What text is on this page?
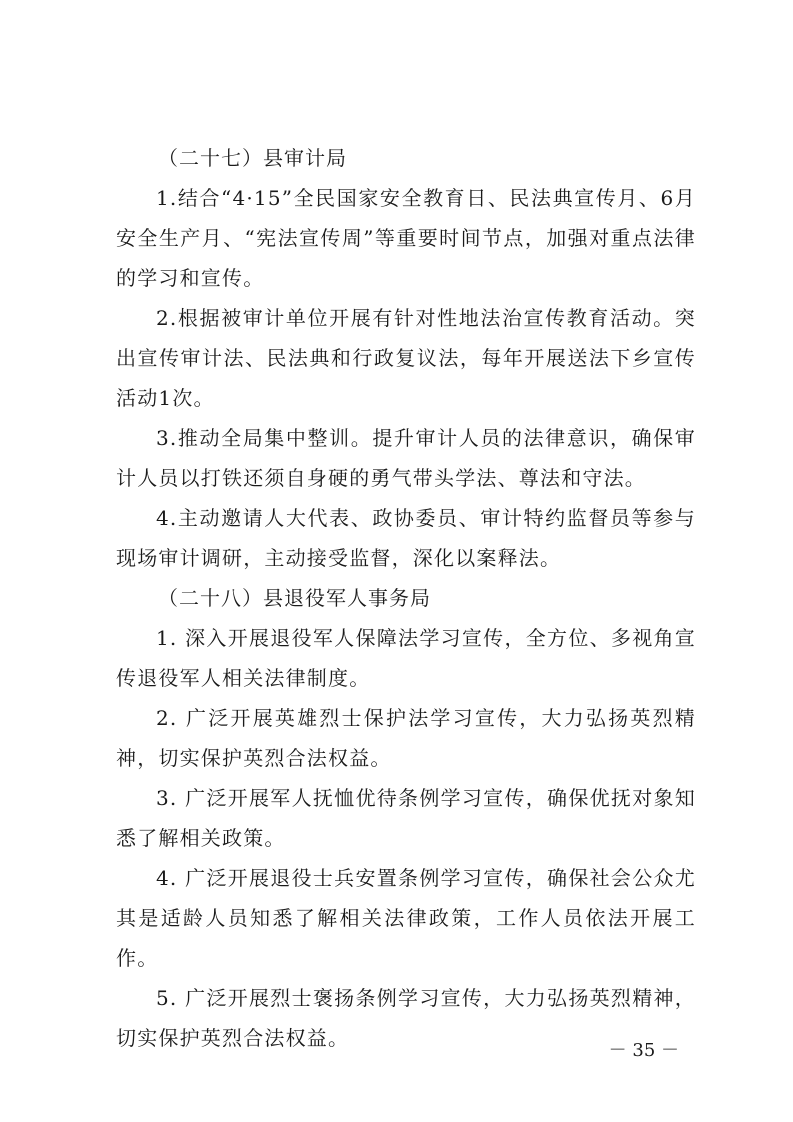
（二十七）县审计局

1.结合“4·15”全民国家安全教育日、民法典宣传月、6月安全生产月、“宪法宣传周”等重要时间节点，加强对重点法律的学习和宣传。

2.根据被审计单位开展有针对性地法治宣传教育活动。突出宣传审计法、民法典和行政复议法，每年开展送法下乡宣传活动1次。

3.推动全局集中整训。提升审计人员的法律意识，确保审计人员以打铁还须自身硬的勇气带头学法、尊法和守法。

4.主动邀请人大代表、政协委员、审计特约监督员等参与现场审计调研，主动接受监督，深化以案释法。

（二十八）县退役军人事务局

1. 深入开展退役军人保障法学习宣传，全方位、多视角宣传退役军人相关法律制度。

2. 广泛开展英雄烈士保护法学习宣传，大力弘扬英烈精神，切实保护英烈合法权益。

3. 广泛开展军人抚恤优待条例学习宣传，确保优抚对象知悉了解相关政策。

4. 广泛开展退役士兵安置条例学习宣传，确保社会公众尤其是适龄人员知悉了解相关法律政策，工作人员依法开展工作。

5. 广泛开展烈士褒扬条例学习宣传，大力弘扬英烈精神，切实保护英烈合法权益。

－ 35 －
